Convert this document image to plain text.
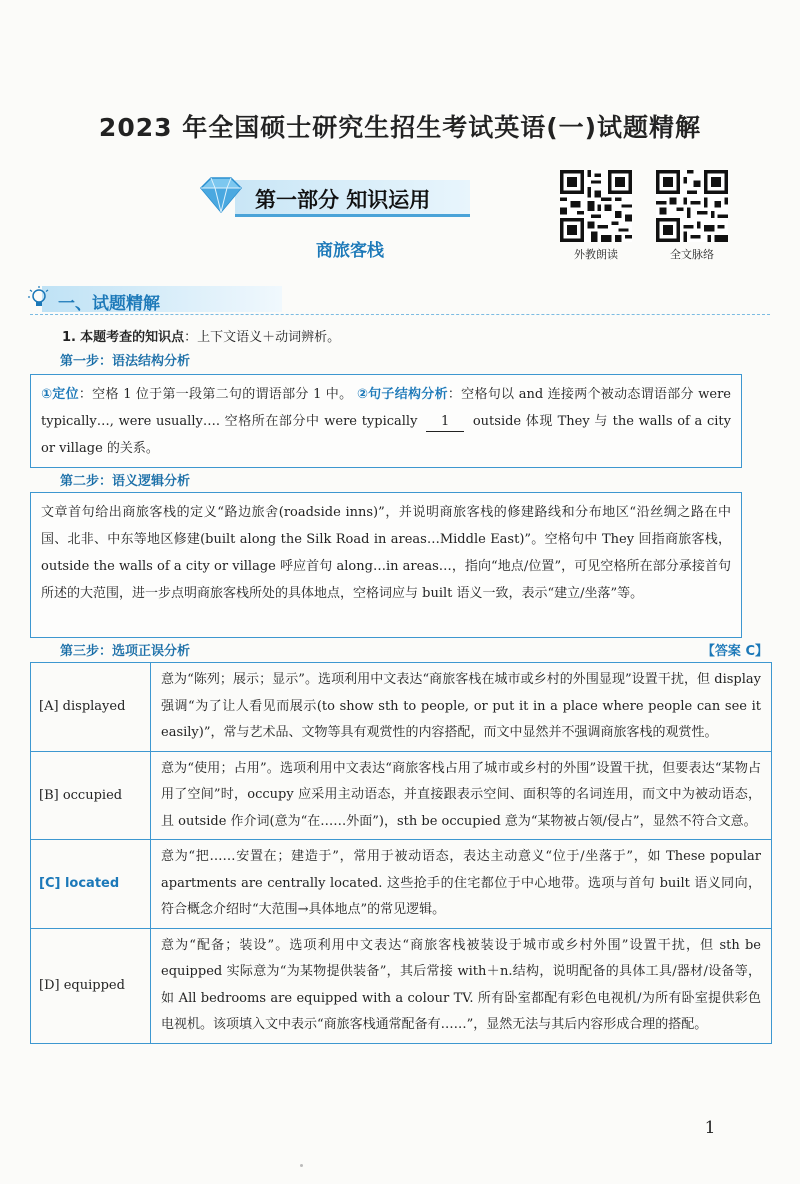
2023 年全国硕士研究生招生考试英语(一)试题精解
第一部分 知识运用
商旅客栈	外教朗读	全文脉络
一、试题精解
1. 本题考查的知识点：上下文语义＋动词辨析。
第一步：语法结构分析
①定位：空格 1 位于第一段第二句的谓语部分 1 中。 ②句子结构分析：空格句以 and 连接两个被动态谓语部分 were typically…, were usually…. 空格所在部分中 were typically 1 outside 体现 They 与 the walls of a city or village 的关系。
第二步：语义逻辑分析
文章首句给出商旅客栈的定义“路边旅舍(roadside inns)”，并说明商旅客栈的修建路线和分布地区“沿丝绸之路在中国、北非、中东等地区修建(built along the Silk Road in areas…Middle East)”。空格句中 They 回指商旅客栈，outside the walls of a city or village 呼应首句 along…in areas…，指向“地点/位置”，可见空格所在部分承接首句所述的大范围，进一步点明商旅客栈所处的具体地点，空格词应与 built 语义一致，表示“建立/坐落”等。
第三步：选项正误分析	【答案 C】
[A] displayed	意为“陈列；展示；显示”。选项利用中文表达“商旅客栈在城市或乡村的外围显现”设置干扰，但 display 强调“为了让人看见而展示(to show sth to people, or put it in a place where people can see it easily)”，常与艺术品、文物等具有观赏性的内容搭配，而文中显然并不强调商旅客栈的观赏性。
[B] occupied	意为“使用；占用”。选项利用中文表达“商旅客栈占用了城市或乡村的外围”设置干扰，但要表达“某物占用了空间”时，occupy 应采用主动语态，并直接跟表示空间、面积等的名词连用，而文中为被动语态，且 outside 作介词(意为“在……外面”)，sth be occupied 意为“某物被占领/侵占”，显然不符合文意。
[C] located	意为“把……安置在；建造于”，常用于被动语态，表达主动意义“位于/坐落于”，如 These popular apartments are centrally located. 这些抢手的住宅都位于中心地带。选项与首句 built 语义同向，符合概念介绍时“大范围→具体地点”的常见逻辑。
[D] equipped	意为“配备；装设”。选项利用中文表达“商旅客栈被装设于城市或乡村外围”设置干扰，但 sth be equipped 实际意为“为某物提供装备”，其后常接 with＋n.结构，说明配备的具体工具/器材/设备等，如 All bedrooms are equipped with a colour TV. 所有卧室都配有彩色电视机/为所有卧室提供彩色电视机。该项填入文中表示“商旅客栈通常配备有……”，显然无法与其后内容形成合理的搭配。
1
